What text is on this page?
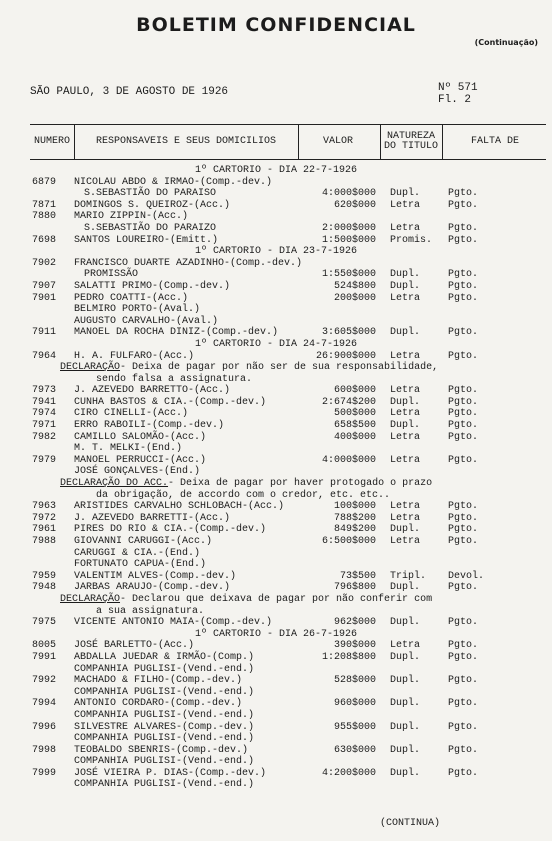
BOLETIM CONFIDENCIAL
(Continuação)
SÃO PAULO, 3 DE AGOSTO DE 1926	Nº 571
Fl. 2
NUMERO	RESPONSAVEIS E SEUS DOMICILIOS	VALOR	NATUREZA DO TITULO	FALTA DE
1º CARTORIO - DIA 22-7-1926
6879 NICOLAU ABDO & IRMAO-(Comp.-dev.)
S.SEBASTIÃO DO PARAISO	4:000$000 Dupl.	Pgto.
7871 DOMINGOS S. QUEIROZ-(Acc.)	620$000 Letra	Pgto.
7880 MARIO ZIPPIN-(Acc.)
S.SEBASTIÃO DO PARAIZO	2:000$000 Letra	Pgto.
7698 SANTOS LOUREIRO-(Emitt.)	1:500$000 Promis. Pgto.
1º CARTORIO - DIA 23-7-1926
7902 FRANCISCO DUARTE AZADINHO-(Comp.-dev.)
PROMISSÃO	1:550$000 Dupl.	Pgto.
7907 SALATTI PRIMO-(Comp.-dev.)	524$800 Dupl.	Pgto.
7901 PEDRO COATTI-(Acc.)	200$000 Letra	Pgto.
BELMIRO PORTO-(Aval.)
AUGUSTO CARVALHO-(Aval.)
7911 MANOEL DA ROCHA DINIZ-(Comp.-dev.)	3:605$000 Dupl.	Pgto.
1º CARTORIO - DIA 24-7-1926
7964 H. A. FULFARO-(Acc.)	26:900$000 Letra	Pgto.
DECLARAÇÃO- Deixa de pagar por não ser de sua responsabilidade,
sendo falsa a assignatura.
7973 J. AZEVEDO BARRETTO-(Acc.)	600$000 Letra	Pgto.
7941 CUNHA BASTOS & CIA.-(Comp.-dev.)	2:674$200 Dupl.	Pgto.
7974 CIRO CINELLI-(Acc.)	500$000 Letra	Pgto.
7971 ERRO RABOILI-(Comp.-dev.)	658$500 Dupl.	Pgto.
7982 CAMILLO SALOMÃO-(Acc.)	400$000 Letra	Pgto.
M. T. MELKI-(End.)
7979 MANOEL PERRUCCI-(Acc.)	4:000$000 Letra	Pgto.
JOSÉ GONÇALVES-(End.)
DECLARAÇÃO DO ACC.- Deixa de pagar por haver protogado o prazo
da obrigação, de accordo com o credor, etc. etc..
7963 ARISTIDES CARVALHO SCHLOBACH-(Acc.)	100$000 Letra	Pgto.
7972 J. AZEVEDO BARRETTI-(Acc.)	788$200 Letra	Pgto.
7961 PIRES DO RIO & CIA.-(Comp.-dev.)	849$200 Dupl.	Pgto.
7988 GIOVANNI CARUGGI-(Acc.)	6:500$000 Letra	Pgto.
CARUGGI & CIA.-(End.)
FORTUNATO CAPUA-(End.)
7959 VALENTIM ALVES-(Comp.-dev.)	73$500 Tripl. Devol.
7948 JARBAS ARAUJO-(Comp.-dev.)	796$800 Dupl.	Pgto.
DECLARAÇÃO- Declarou que deixava de pagar por não conferir com
a sua assignatura.
7975 VICENTE ANTONIO MAIA-(Comp.-dev.)	962$000 Dupl.	Pgto.
1º CARTORIO - DIA 26-7-1926
8005 JOSÉ BARLETTO-(Acc.)	390$000 Letra	Pgto.
7991 ABDALLA JUEDAR & IRMÃO-(Comp.)	1:208$800 Dupl.	Pgto.
COMPANHIA PUGLISI-(Vend.-end.)
7992 MACHADO & FILHO-(Comp.-dev.)	528$000 Dupl.	Pgto.
COMPANHIA PUGLISI-(Vend.-end.)
7994 ANTONIO CORDARO-(Comp.-dev.)	960$000 Dupl.	Pgto.
COMPANHIA PUGLISI-(Vend.-end.)
7996 SILVESTRE ALVARES-(Comp.-dev.)	955$000 Dupl.	Pgto.
COMPANHIA PUGLISI-(Vend.-end.)
7998 TEOBALDO SBENRIS-(Comp.-dev.)	630$000 Dupl.	Pgto.
COMPANHIA PUGLISI-(Vend.-end.)
7999 JOSÉ VIEIRA P. DIAS-(Comp.-dev.)	4:200$000 Dupl.	Pgto.
COMPANHIA PUGLISI-(Vend.-end.)
(CONTINUA)
